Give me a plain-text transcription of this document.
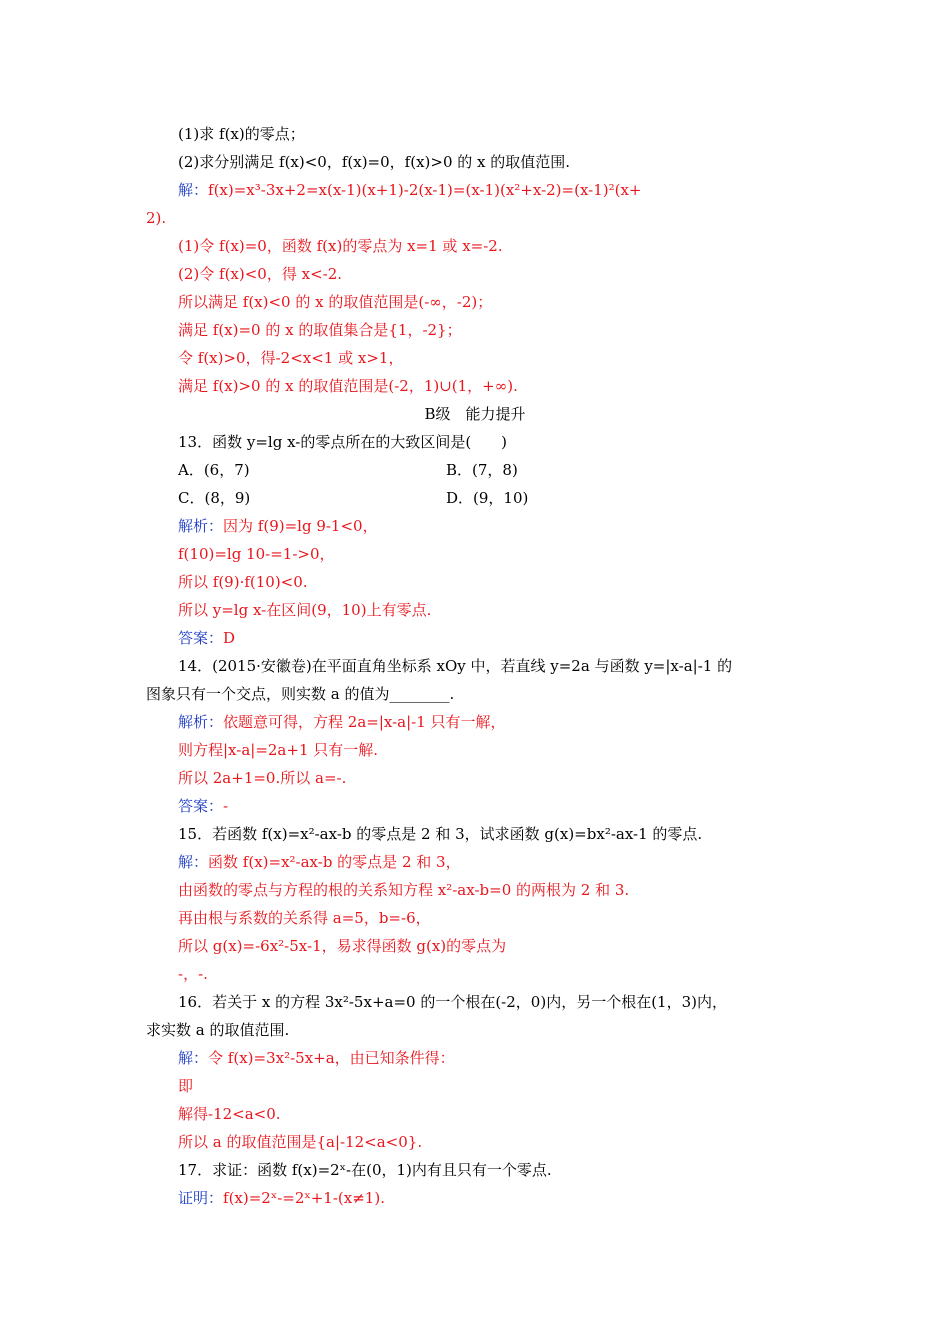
(1)求 f(x)的零点；
(2)求分别满足 f(x)<0，f(x)=0，f(x)>0 的 x 的取值范围.
解：f(x)=x³-3x+2=x(x-1)(x+1)-2(x-1)=(x-1)(x²+x-2)=(x-1)²(x+
2).
(1)令 f(x)=0，函数 f(x)的零点为 x=1 或 x=-2.
(2)令 f(x)<0，得 x<-2.
所以满足 f(x)<0 的 x 的取值范围是(-∞，-2)；
满足 f(x)=0 的 x 的取值集合是{1，-2}；
令 f(x)>0，得-2<x<1 或 x>1，
满足 f(x)>0 的 x 的取值范围是(-2，1)∪(1，+∞).
B级　能力提升
13．函数 y=lg x-的零点所在的大致区间是(　　)
A．(6，7)	B．(7，8)
C．(8，9)	D．(9，10)
解析：因为 f(9)=lg 9-1<0，
f(10)=lg 10-=1->0，
所以 f(9)·f(10)<0.
所以 y=lg x-在区间(9，10)上有零点.
答案：D
14．(2015·安徽卷)在平面直角坐标系 xOy 中，若直线 y=2a 与函数 y=|x-a|-1 的
图象只有一个交点，则实数 a 的值为________.
解析：依题意可得，方程 2a=|x-a|-1 只有一解，
则方程|x-a|=2a+1 只有一解.
所以 2a+1=0.所以 a=-.
答案：-
15．若函数 f(x)=x²-ax-b 的零点是 2 和 3，试求函数 g(x)=bx²-ax-1 的零点.
解：函数 f(x)=x²-ax-b 的零点是 2 和 3，
由函数的零点与方程的根的关系知方程 x²-ax-b=0 的两根为 2 和 3.
再由根与系数的关系得 a=5，b=-6，
所以 g(x)=-6x²-5x-1，易求得函数 g(x)的零点为
-，-.
16．若关于 x 的方程 3x²-5x+a=0 的一个根在(-2，0)内，另一个根在(1，3)内，
求实数 a 的取值范围.
解：令 f(x)=3x²-5x+a，由已知条件得：
即
解得-12<a<0.
所以 a 的取值范围是{a|-12<a<0}.
17．求证：函数 f(x)=2ˣ-在(0，1)内有且只有一个零点.
证明：f(x)=2ˣ-=2ˣ+1-(x≠1).
